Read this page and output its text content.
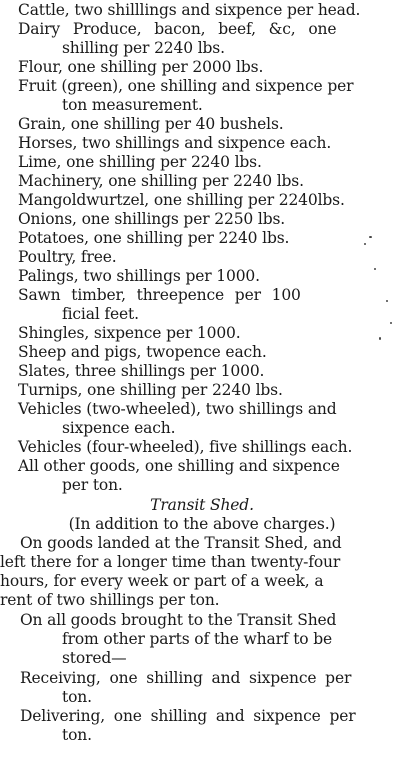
Cattle, two shilllings and sixpence per head.
Dairy Produce, bacon, beef, &c, one
shilling per 2240 lbs.
Flour, one shilling per 2000 lbs.
Fruit (green), one shilling and sixpence per
ton measurement.
Grain, one shilling per 40 bushels.
Horses, two shillings and sixpence each.
Lime, one shilling per 2240 lbs.
Machinery, one shilling per 2240 lbs.
Mangoldwurtzel, one shilling per 2240lbs.
Onions, one shillings per 2250 lbs.
Potatoes, one shilling per 2240 lbs.
Poultry, free.
Palings, two shillings per 1000.
Sawn timber, threepence per 100
ficial feet.
Shingles, sixpence per 1000.
Sheep and pigs, twopence each.
Slates, three shillings per 1000.
Turnips, one shilling per 2240 lbs.
Vehicles (two-wheeled), two shillings and
sixpence each.
Vehicles (four-wheeled), five shillings each.
All other goods, one shilling and sixpence
per ton.
Transit Shed.
(In addition to the above charges.)
On goods landed at the Transit Shed, and
left there for a longer time than twenty-four
hours, for every week or part of a week, a
rent of two shillings per ton.
On all goods brought to the Transit Shed
from other parts of the wharf to be
stored—
Receiving, one shilling and sixpence per
ton.
Delivering, one shilling and sixpence per
ton.
